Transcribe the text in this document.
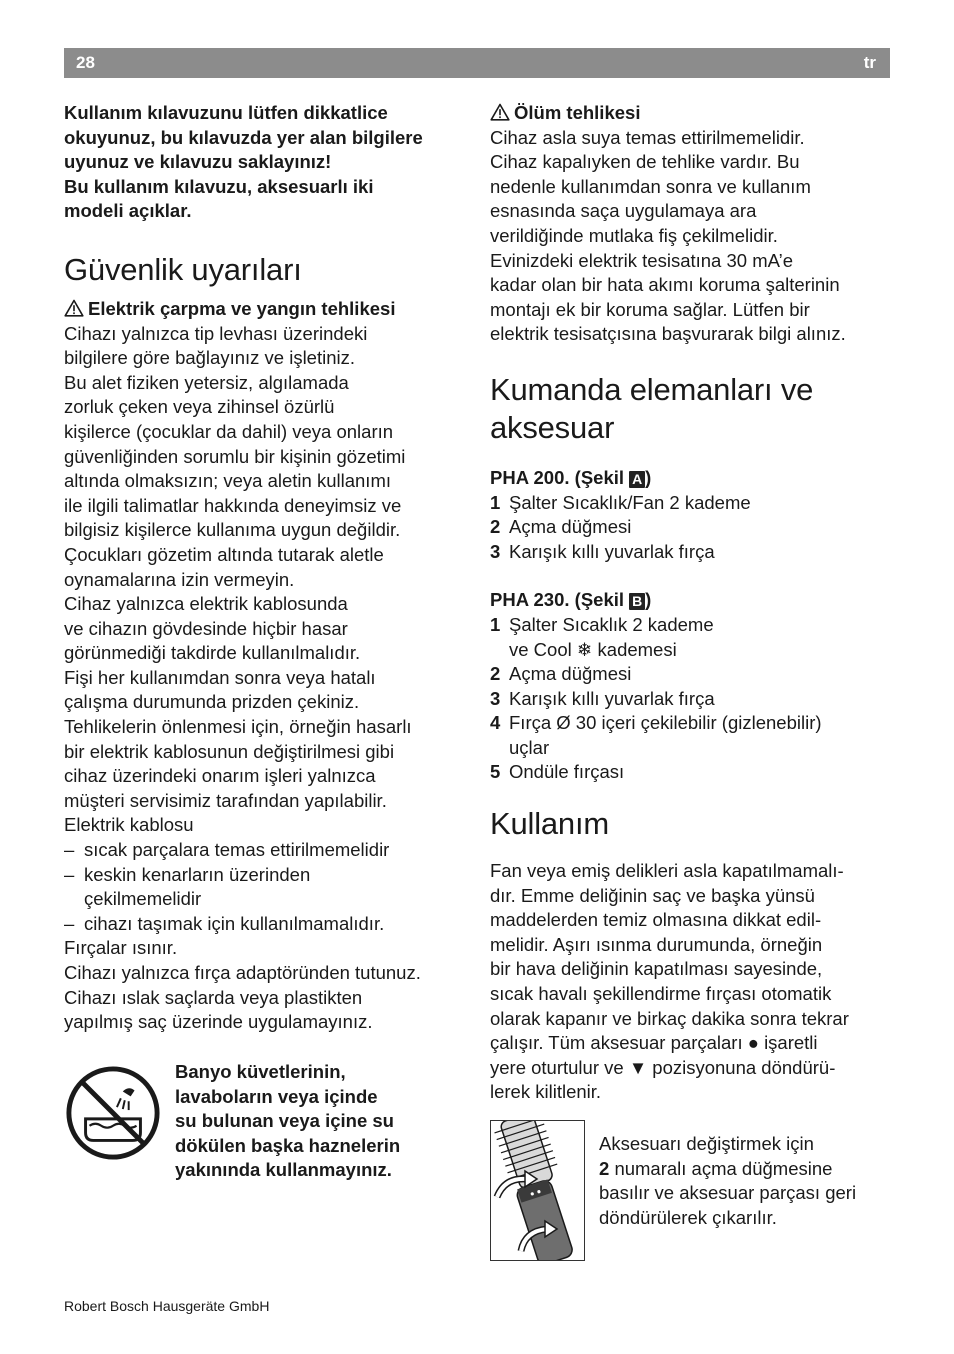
28	tr

Kullanım kılavuzunu lütfen dikkatlice
okuyunuz, bu kılavuzda yer alan bilgilere
uyunuz ve kılavuzu saklayınız!
Bu kullanım kılavuzu, aksesuarlı iki
modeli açıklar.

Güvenlik uyarıları
Elektrik çarpma ve yangın tehlikesi

Cihazı yalnızca tip levhası üzerindeki
bilgilere göre bağlayınız ve işletiniz.
Bu alet fiziken yetersiz, algılamada
zorluk çeken veya zihinsel özürlü
kişilerce (çocuklar da dahil) veya onların
güvenliğinden sorumlu bir kişinin gözetimi
altında olmaksızın; veya aletin kullanımı
ile ilgili talimatlar hakkında deneyimsiz ve
bilgisiz kişilerce kullanıma uygun değildir.
Çocukları gözetim altında tutarak aletle
oynamalarına izin vermeyin.
Cihaz yalnızca elektrik kablosunda
ve cihazın gövdesinde hiçbir hasar
görünmediği takdirde kullanılmalıdır.
Fişi her kullanımdan sonra veya hatalı
çalışma durumunda prizden çekiniz.
Tehlikelerin önlenmesi için, örneğin hasarlı
bir elektrik kablosunun değiştirilmesi gibi
cihaz üzerindeki onarım işleri yalnızca
müşteri servisimiz tarafından yapılabilir.
Elektrik kablosu

– sıcak parçalara temas ettirilmemelidir
– keskin kenarların üzerinden
çekilmemelidir
– cihazı taşımak için kullanılmamalıdır.

Fırçalar ısınır.
Cihazı yalnızca fırça adaptöründen tutunuz.
Cihazı ıslak saçlarda veya plastikten
yapılmış saç üzerinde uygulamayınız.

Banyo küvetlerinin,
lavaboların veya içinde
su bulunan veya içine su
dökülen başka haznelerin
yakınında kullanmayınız.
Ölüm tehlikesi

Cihaz asla suya temas ettirilmemelidir.
Cihaz kapalıyken de tehlike vardır. Bu
nedenle kullanımdan sonra ve kullanım
esnasında saça uygulamaya ara
verildiğinde mutlaka fiş çekilmelidir.
Evinizdeki elektrik tesisatına 30 mA’e
kadar olan bir hata akımı koruma şalterinin
montajı ek bir koruma sağlar. Lütfen bir
elektrik tesisatçısına başvurarak bilgi alınız.

Kumanda elemanları ve
aksesuar
PHA 200. (Şekil A )
1 Şalter Sıcaklık/Fan 2 kademe
2 Açma düğmesi
3 Karışık kıllı yuvarlak fırça
PHA 230. (Şekil B )
1 Şalter Sıcaklık 2 kademe
ve Cool ❄ kademesi
2 Açma düğmesi
3 Karışık kıllı yuvarlak fırça
4 Fırça Ø 30 içeri çekilebilir (gizlenebilir)
uçlar
5 Ondüle fırçası
Kullanım

Fan veya emiş delikleri asla kapatılmamalı-
dır. Emme deliğinin saç ve başka yünsü
maddelerden temiz olmasına dikkat edil-
melidir. Aşırı ısınma durumunda, örneğin
bir hava deliğinin kapatılması sayesinde,
sıcak havalı şekillendirme fırçası otomatik
olarak kapanır ve birkaç dakika sonra tekrar
çalışır. Tüm aksesuar parçaları ● işaretli
yere oturtulur ve ▼ pozisyonuna döndürü-
lerek kilitlenir.

Aksesuarı değiştirmek için
2 numaralı açma düğmesine
basılır ve aksesuar parçası geri
döndürülerek çıkarılır.
Robert Bosch Hausgeräte GmbH
